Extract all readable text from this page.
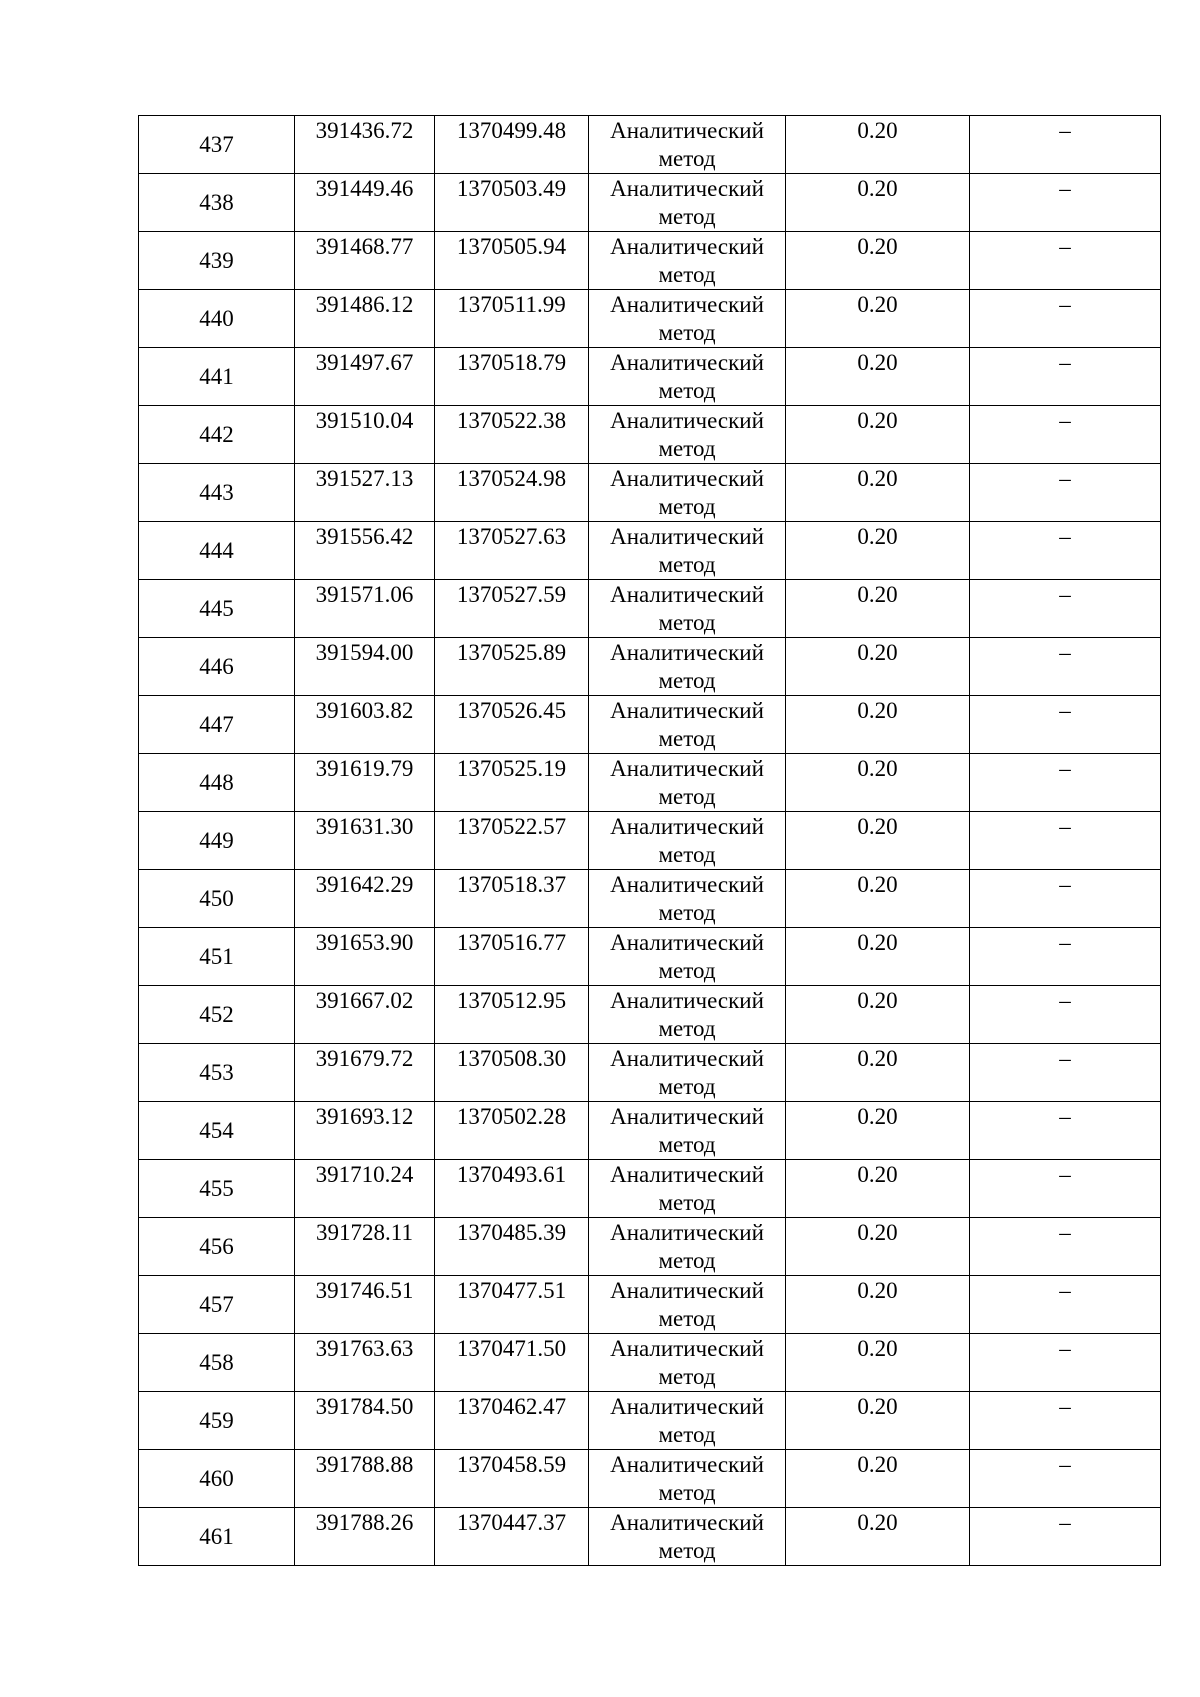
437	391436.72	1370499.48	Аналитический метод	0.20	–

438	391449.46	1370503.49	Аналитический метод	0.20	–

439	391468.77	1370505.94	Аналитический метод	0.20	–

440	391486.12	1370511.99	Аналитический метод	0.20	–

441	391497.67	1370518.79	Аналитический метод	0.20	–

442	391510.04	1370522.38	Аналитический метод	0.20	–

443	391527.13	1370524.98	Аналитический метод	0.20	–

444	391556.42	1370527.63	Аналитический метод	0.20	–

445	391571.06	1370527.59	Аналитический метод	0.20	–

446	391594.00	1370525.89	Аналитический метод	0.20	–

447	391603.82	1370526.45	Аналитический метод	0.20	–

448	391619.79	1370525.19	Аналитический метод	0.20	–

449	391631.30	1370522.57	Аналитический метод	0.20	–

450	391642.29	1370518.37	Аналитический метод	0.20	–

451	391653.90	1370516.77	Аналитический метод	0.20	–

452	391667.02	1370512.95	Аналитический метод	0.20	–

453	391679.72	1370508.30	Аналитический метод	0.20	–

454	391693.12	1370502.28	Аналитический метод	0.20	–

455	391710.24	1370493.61	Аналитический метод	0.20	–

456	391728.11	1370485.39	Аналитический метод	0.20	–

457	391746.51	1370477.51	Аналитический метод	0.20	–

458	391763.63	1370471.50	Аналитический метод	0.20	–

459	391784.50	1370462.47	Аналитический метод	0.20	–

460	391788.88	1370458.59	Аналитический метод	0.20	–

461	391788.26	1370447.37	Аналитический метод	0.20	–
